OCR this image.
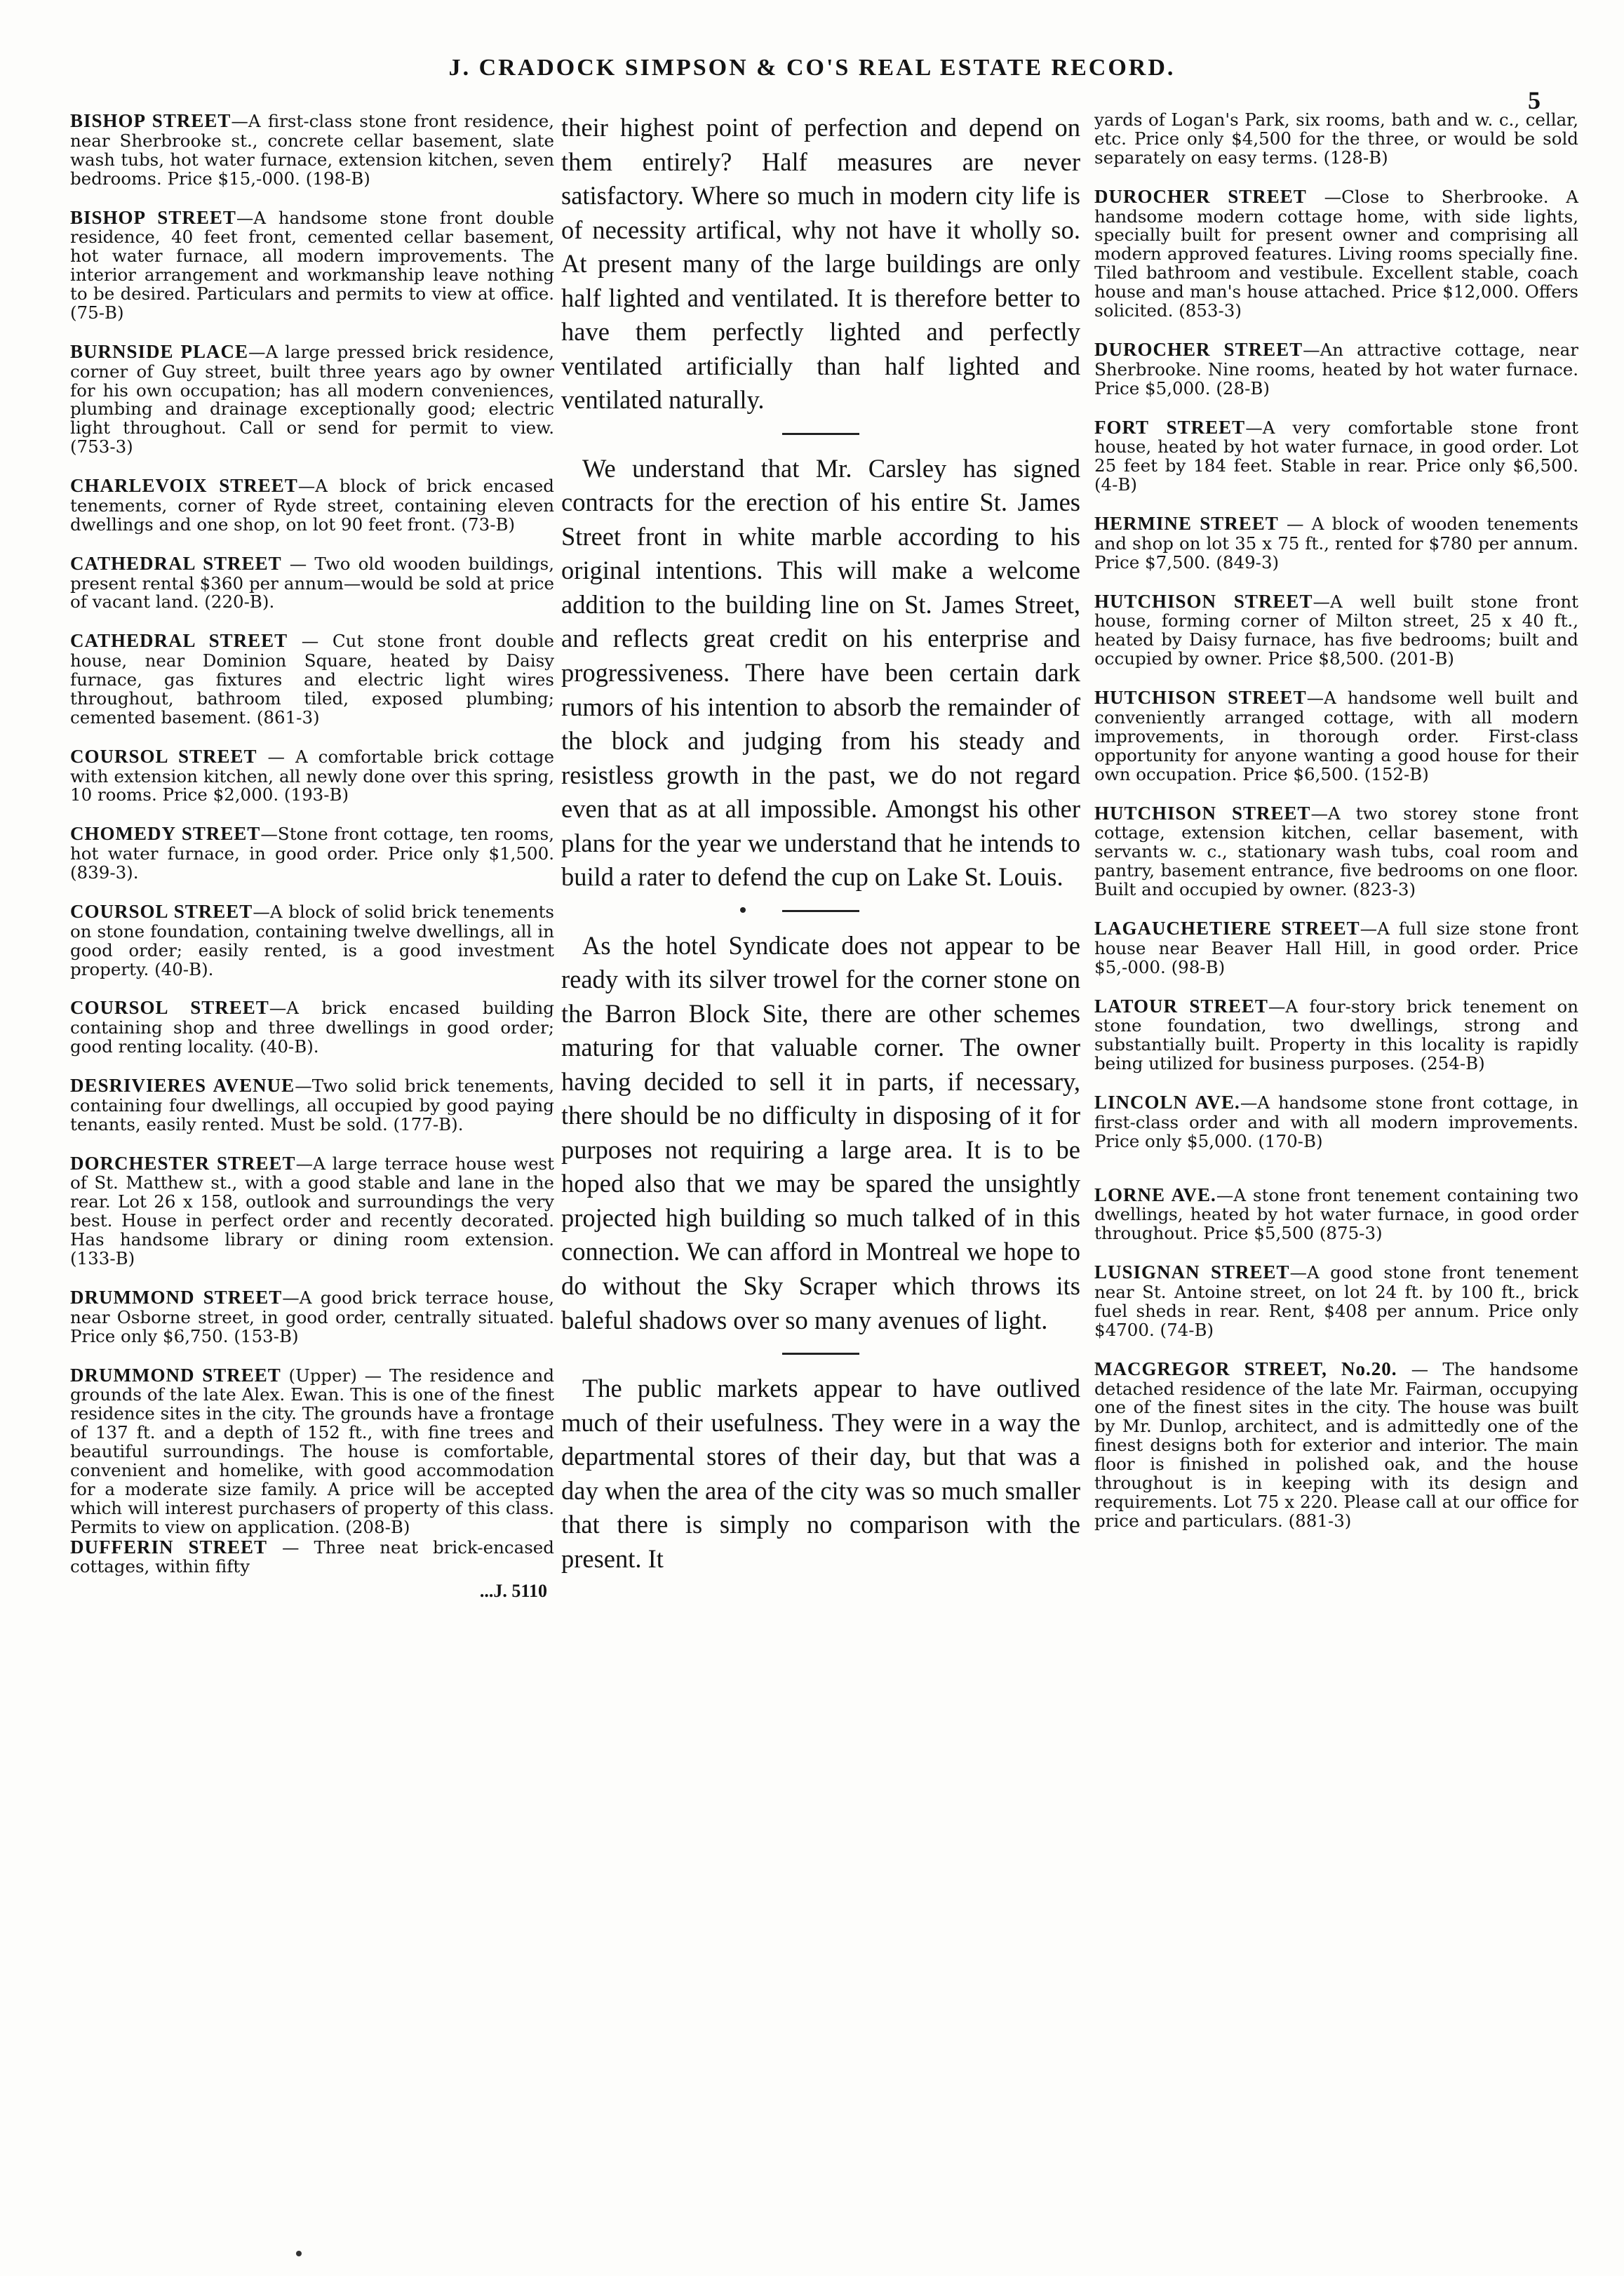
J. CRADOCK SIMPSON & CO'S REAL ESTATE RECORD.
5

BISHOP STREET—A first-class stone front residence, near Sherbrooke st., concrete cellar basement, slate wash tubs, hot water furnace, extension kitchen, seven bedrooms. Price $15,-000. (198-B)

BISHOP STREET—A handsome stone front double residence, 40 feet front, cemented cellar basement, hot water furnace, all modern improvements. The interior arrangement and workmanship leave nothing to be desired. Particulars and permits to view at office. (75-B)

BURNSIDE PLACE—A large pressed brick residence, corner of Guy street, built three years ago by owner for his own occupation; has all modern conveniences, plumbing and drainage exceptionally good; electric light throughout. Call or send for permit to view. (753-3)

CHARLEVOIX STREET—A block of brick encased tenements, corner of Ryde street, containing eleven dwellings and one shop, on lot 90 feet front. (73-B)

CATHEDRAL STREET — Two old wooden buildings, present rental $360 per annum—would be sold at price of vacant land. (220-B).

CATHEDRAL STREET — Cut stone front double house, near Dominion Square, heated by Daisy furnace, gas fixtures and electric light wires throughout, bathroom tiled, exposed plumbing; cemented basement. (861-3)

COURSOL STREET — A comfortable brick cottage with extension kitchen, all newly done over this spring, 10 rooms. Price $2,000. (193-B)

CHOMEDY STREET—Stone front cottage, ten rooms, hot water furnace, in good order. Price only $1,500. (839-3).

COURSOL STREET—A block of solid brick tenements on stone foundation, containing twelve dwellings, all in good order; easily rented, is a good investment property. (40-B).

COURSOL STREET—A brick encased building containing shop and three dwellings in good order; good renting locality. (40-B).

DESRIVIERES AVENUE—Two solid brick tenements, containing four dwellings, all occupied by good paying tenants, easily rented. Must be sold. (177-B).

DORCHESTER STREET—A large terrace house west of St. Matthew st., with a good stable and lane in the rear. Lot 26 x 158, outlook and surroundings the very best. House in perfect order and recently decorated. Has handsome library or dining room extension. (133-B)

DRUMMOND STREET—A good brick terrace house, near Osborne street, in good order, centrally situated. Price only $6,750. (153-B)

DRUMMOND STREET (Upper) — The residence and grounds of the late Alex. Ewan. This is one of the finest residence sites in the city. The grounds have a frontage of 137 ft. and a depth of 152 ft., with fine trees and beautiful surroundings. The house is comfortable, convenient and homelike, with good accommodation for a moderate size family. A price will be accepted which will interest purchasers of property of this class. Permits to view on application. (208-B)

DUFFERIN STREET — Three neat brick-encased cottages, within fifty

...J. 5110

their highest point of perfection and depend on them entirely? Half measures are never satisfactory. Where so much in modern city life is of necessity artifical, why not have it wholly so. At present many of the large buildings are only half lighted and ventilated. It is therefore better to have them perfectly lighted and perfectly ventilated artificially than half lighted and ventilated naturally.

We understand that Mr. Carsley has signed contracts for the erection of his entire St. James Street front in white marble according to his original intentions. This will make a welcome addition to the building line on St. James Street, and reflects great credit on his enterprise and progressiveness. There have been certain dark rumors of his intention to absorb the remainder of the block and judging from his steady and resistless growth in the past, we do not regard even that as at all impossible. Amongst his other plans for the year we understand that he intends to build a rater to defend the cup on Lake St. Louis.

As the hotel Syndicate does not appear to be ready with its silver trowel for the corner stone on the Barron Block Site, there are other schemes maturing for that valuable corner. The owner having decided to sell it in parts, if necessary, there should be no difficulty in disposing of it for purposes not requiring a large area. It is to be hoped also that we may be spared the unsightly projected high building so much talked of in this connection. We can afford in Montreal we hope to do without the Sky Scraper which throws its baleful shadows over so many avenues of light.

The public markets appear to have outlived much of their usefulness. They were in a way the departmental stores of their day, but that was a day when the area of the city was so much smaller that there is simply no comparison with the present. It

yards of Logan's Park, six rooms, bath and w. c., cellar, etc. Price only $4,500 for the three, or would be sold separately on easy terms. (128-B)

DUROCHER STREET —Close to Sherbrooke. A handsome modern cottage home, with side lights, specially built for present owner and comprising all modern approved features. Living rooms specially fine. Tiled bathroom and vestibule. Excellent stable, coach house and man's house attached. Price $12,000. Offers solicited. (853-3)

DUROCHER STREET—An attractive cottage, near Sherbrooke. Nine rooms, heated by hot water furnace. Price $5,000. (28-B)

FORT STREET—A very comfortable stone front house, heated by hot water furnace, in good order. Lot 25 feet by 184 feet. Stable in rear. Price only $6,500. (4-B)

HERMINE STREET — A block of wooden tenements and shop on lot 35 x 75 ft., rented for $780 per annum. Price $7,500. (849-3)

HUTCHISON STREET—A well built stone front house, forming corner of Milton street, 25 x 40 ft., heated by Daisy furnace, has five bedrooms; built and occupied by owner. Price $8,500. (201-B)

HUTCHISON STREET—A handsome well built and conveniently arranged cottage, with all modern improvements, in thorough order. First-class opportunity for anyone wanting a good house for their own occupation. Price $6,500. (152-B)

HUTCHISON STREET—A two storey stone front cottage, extension kitchen, cellar basement, with servants w. c., stationary wash tubs, coal room and pantry, basement entrance, five bedrooms on one floor. Built and occupied by owner. (823-3)

LAGAUCHETIERE STREET—A full size stone front house near Beaver Hall Hill, in good order. Price $5,-000. (98-B)

LATOUR STREET—A four-story brick tenement on stone foundation, two dwellings, strong and substantially built. Property in this locality is rapidly being utilized for business purposes. (254-B)

LINCOLN AVE.—A handsome stone front cottage, in first-class order and with all modern improvements. Price only $5,000. (170-B)

LORNE AVE.—A stone front tenement containing two dwellings, heated by hot water furnace, in good order throughout. Price $5,500 (875-3)

LUSIGNAN STREET—A good stone front tenement near St. Antoine street, on lot 24 ft. by 100 ft., brick fuel sheds in rear. Rent, $408 per annum. Price only $4700. (74-B)

MACGREGOR STREET, No.20. — The handsome detached residence of the late Mr. Fairman, occupying one of the finest sites in the city. The house was built by Mr. Dunlop, architect, and is admittedly one of the finest designs both for exterior and interior. The main floor is finished in polished oak, and the house throughout is in keeping with its design and requirements. Lot 75 x 220. Please call at our office for price and particulars. (881-3)
